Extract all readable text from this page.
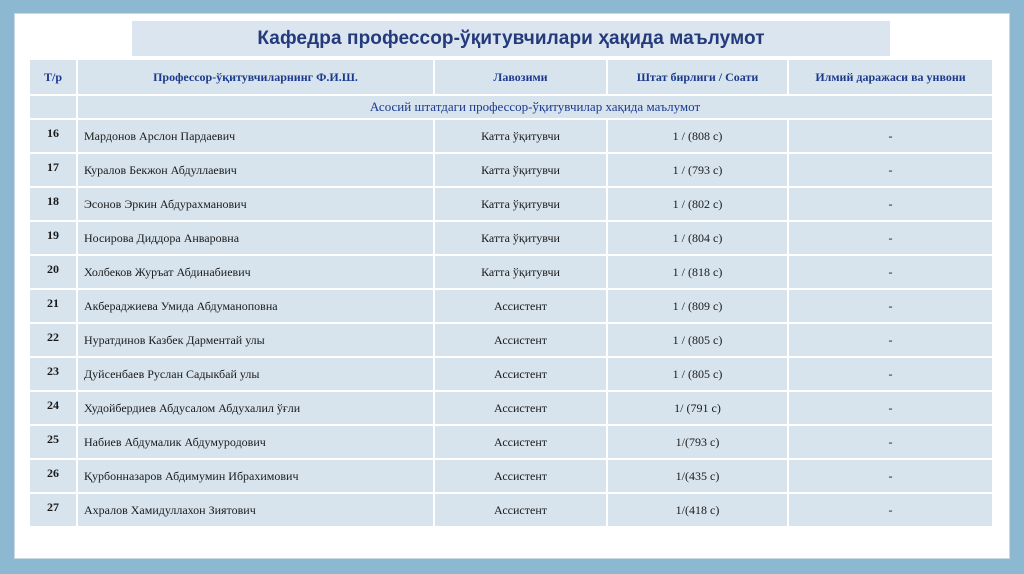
Кафедра профессор-ўқитувчилари ҳақида маълумот
Т/р	Профессор-ўқитувчиларнинг Ф.И.Ш.	Лавозими	Штат бирлиги / Соати	Илмий даражаси ва унвони
	Асосий штатдаги профессор-ўқитувчилар хақида маълумот			
16	Мардонов Арслон Пардаевич	Катта ўқитувчи	1 / (808 с)	-
17	Куралов Бекжон Абдуллаевич	Катта ўқитувчи	1 / (793 с)	-
18	Эсонов Эркин Абдурахманович	Катта ўқитувчи	1 / (802 с)	-
19	Носирова Диддора Анваровна	Катта ўқитувчи	1 / (804 с)	-
20	Холбеков Журъат Абдинабиевич	Катта ўқитувчи	1 / (818 с)	-
21	Акбераджиева Умида Абдуманоповна	Ассистент	1 / (809 с)	-
22	Нуратдинов Казбек Дарментай улы	Ассистент	1 / (805 с)	-
23	Дуйсенбаев Руслан Садыкбай улы	Ассистент	1 / (805 с)	-
24	Худойбердиев Абдусалом Абдухалил ўғли	Ассистент	1/ (791 с)	-
25	Набиев Абдумалик Абдумуродович	Ассистент	1/(793 с)	-
26	Қурбонназаров Абдимумин Ибрахимович	Ассистент	1/(435 с)	-
27	Ахралов Хамидуллахон Зиятович	Ассистент	1/(418 с)	-
